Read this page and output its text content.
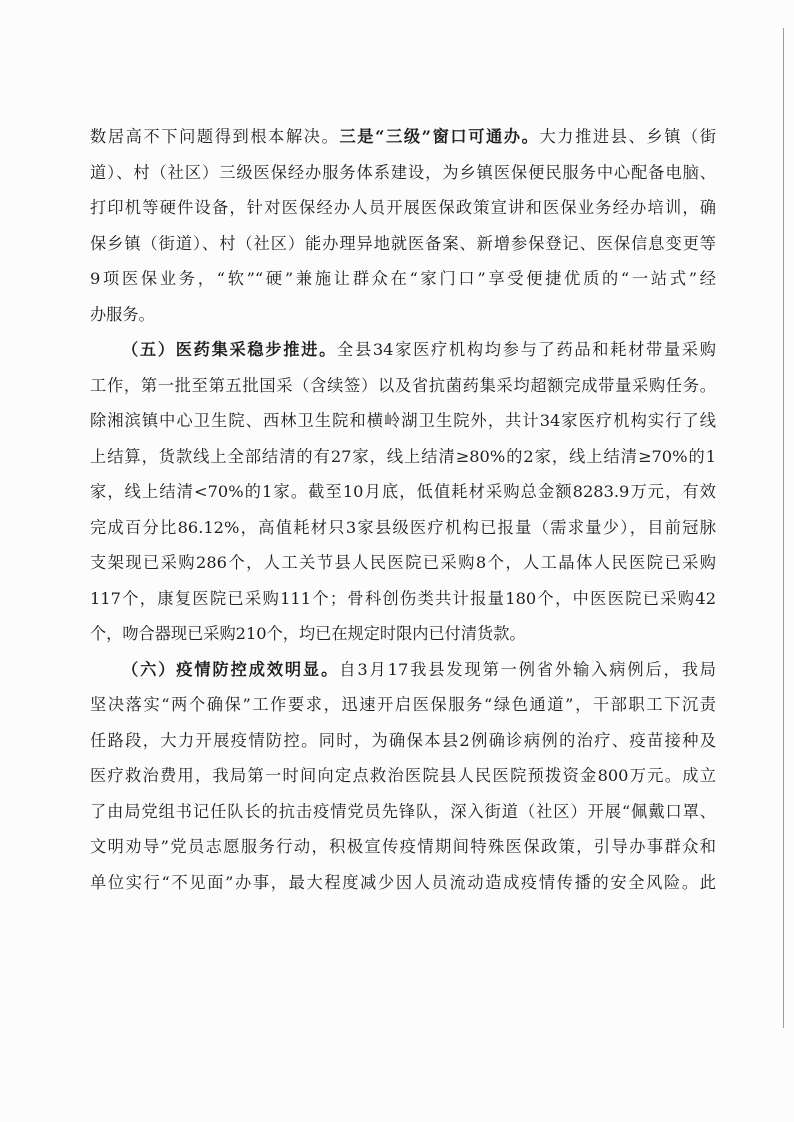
数居高不下问题得到根本解决。三是“三级”窗口可通办。大力推进县、乡镇（街
道）、村（社区）三级医保经办服务体系建设，为乡镇医保便民服务中心配备电脑、
打印机等硬件设备，针对医保经办人员开展医保政策宣讲和医保业务经办培训，确
保乡镇（街道）、村（社区）能办理异地就医备案、新增参保登记、医保信息变更等
9项医保业务，“软”“硬”兼施让群众在“家门口”享受便捷优质的“一站式”经
办服务。
（五）医药集采稳步推进。全县34家医疗机构均参与了药品和耗材带量采购
工作，第一批至第五批国采（含续签）以及省抗菌药集采均超额完成带量采购任务。
除湘滨镇中心卫生院、西林卫生院和横岭湖卫生院外，共计34家医疗机构实行了线
上结算，货款线上全部结清的有27家，线上结清≥80%的2家，线上结清≥70%的1
家，线上结清<70%的1家。截至10月底，低值耗材采购总金额8283.9万元，有效
完成百分比86.12%，高值耗材只3家县级医疗机构已报量（需求量少），目前冠脉
支架现已采购286个，人工关节县人民医院已采购8个，人工晶体人民医院已采购
117个，康复医院已采购111个；骨科创伤类共计报量180个，中医医院已采购42
个，吻合器现已采购210个，均已在规定时限内已付清货款。
（六）疫情防控成效明显。自3月17我县发现第一例省外输入病例后，我局
坚决落实“两个确保”工作要求，迅速开启医保服务“绿色通道”，干部职工下沉责
任路段，大力开展疫情防控。同时，为确保本县2例确诊病例的治疗、疫苗接种及
医疗救治费用，我局第一时间向定点救治医院县人民医院预拨资金800万元。成立
了由局党组书记任队长的抗击疫情党员先锋队，深入街道（社区）开展“佩戴口罩、
文明劝导”党员志愿服务行动，积极宣传疫情期间特殊医保政策，引导办事群众和
单位实行“不见面”办事，最大程度减少因人员流动造成疫情传播的安全风险。此
